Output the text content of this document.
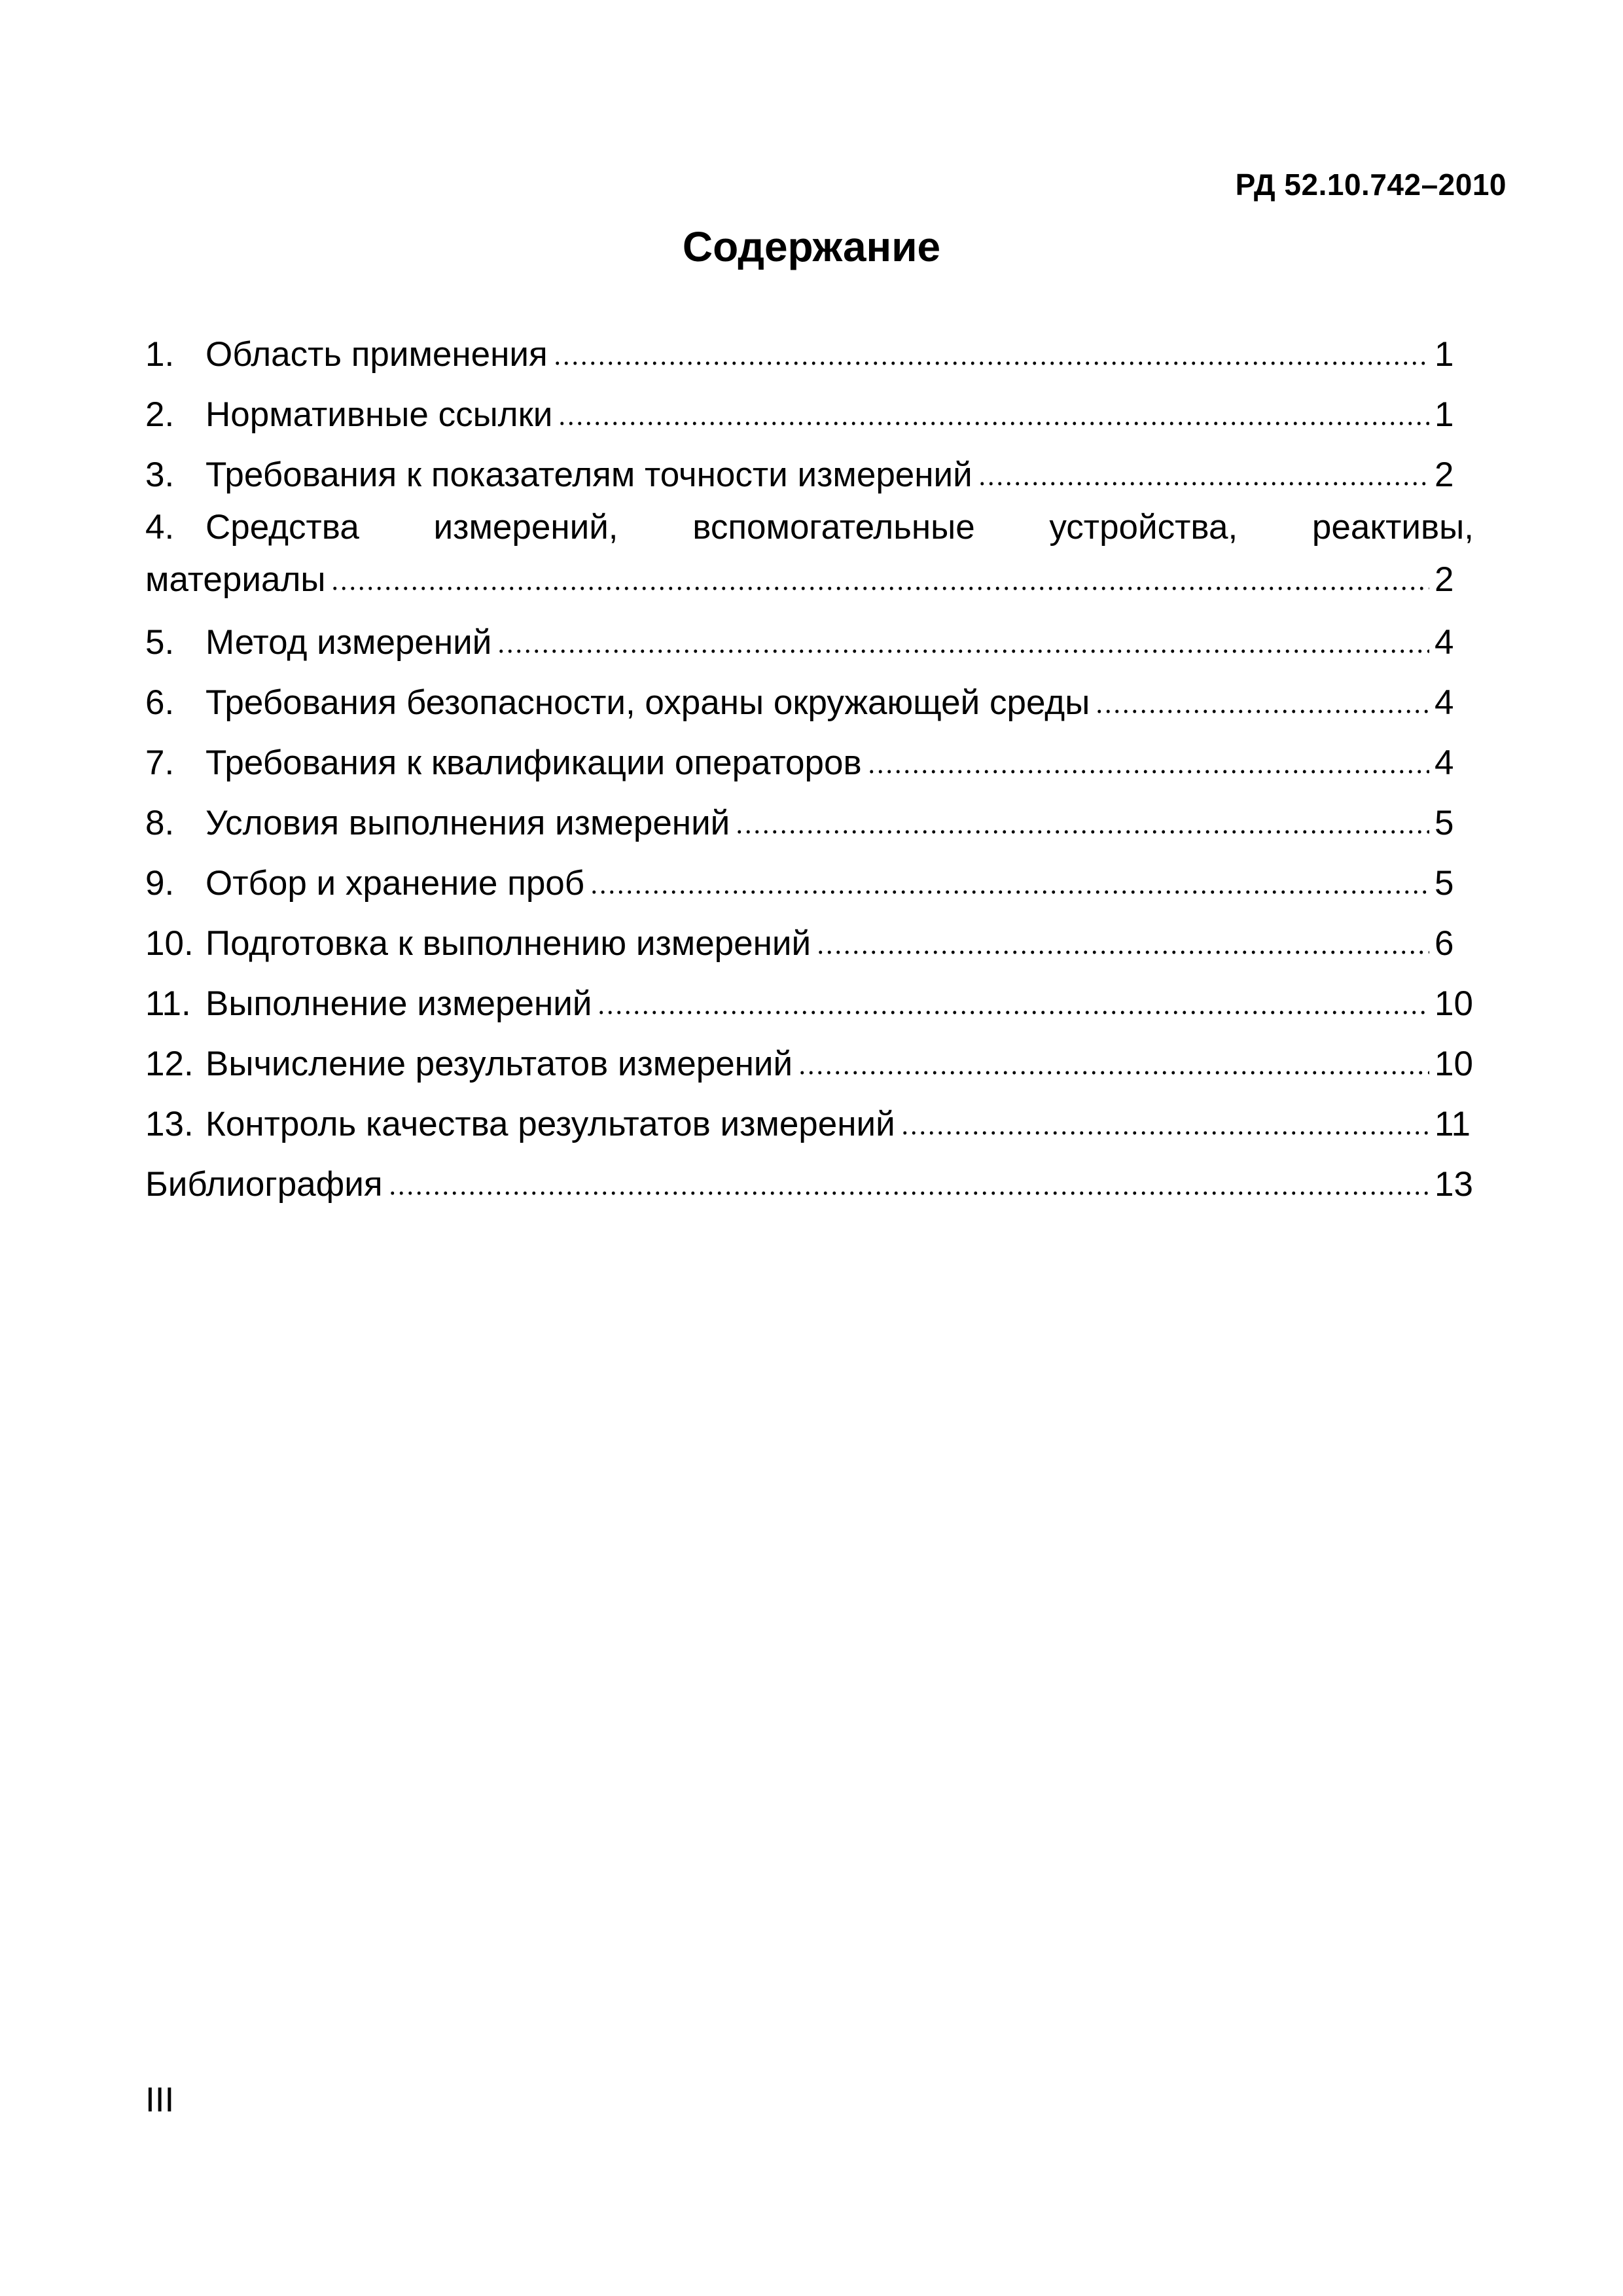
РД 52.10.742–2010
Содержание
1. Область применения	1
2. Нормативные ссылки	1
3. Требования к показателям точности измерений	2
4. Средства измерений, вспомогательные устройства, реактивы,
материалы	2
5. Метод измерений	4
6. Требования безопасности, охраны окружающей среды	4
7. Требования к квалификации операторов	4
8. Условия выполнения измерений	5
9. Отбор и хранение проб	5
10. Подготовка к выполнению измерений	6
11. Выполнение измерений	10
12. Вычисление результатов измерений	10
13. Контроль качества результатов измерений	11
Библиография	13
III
